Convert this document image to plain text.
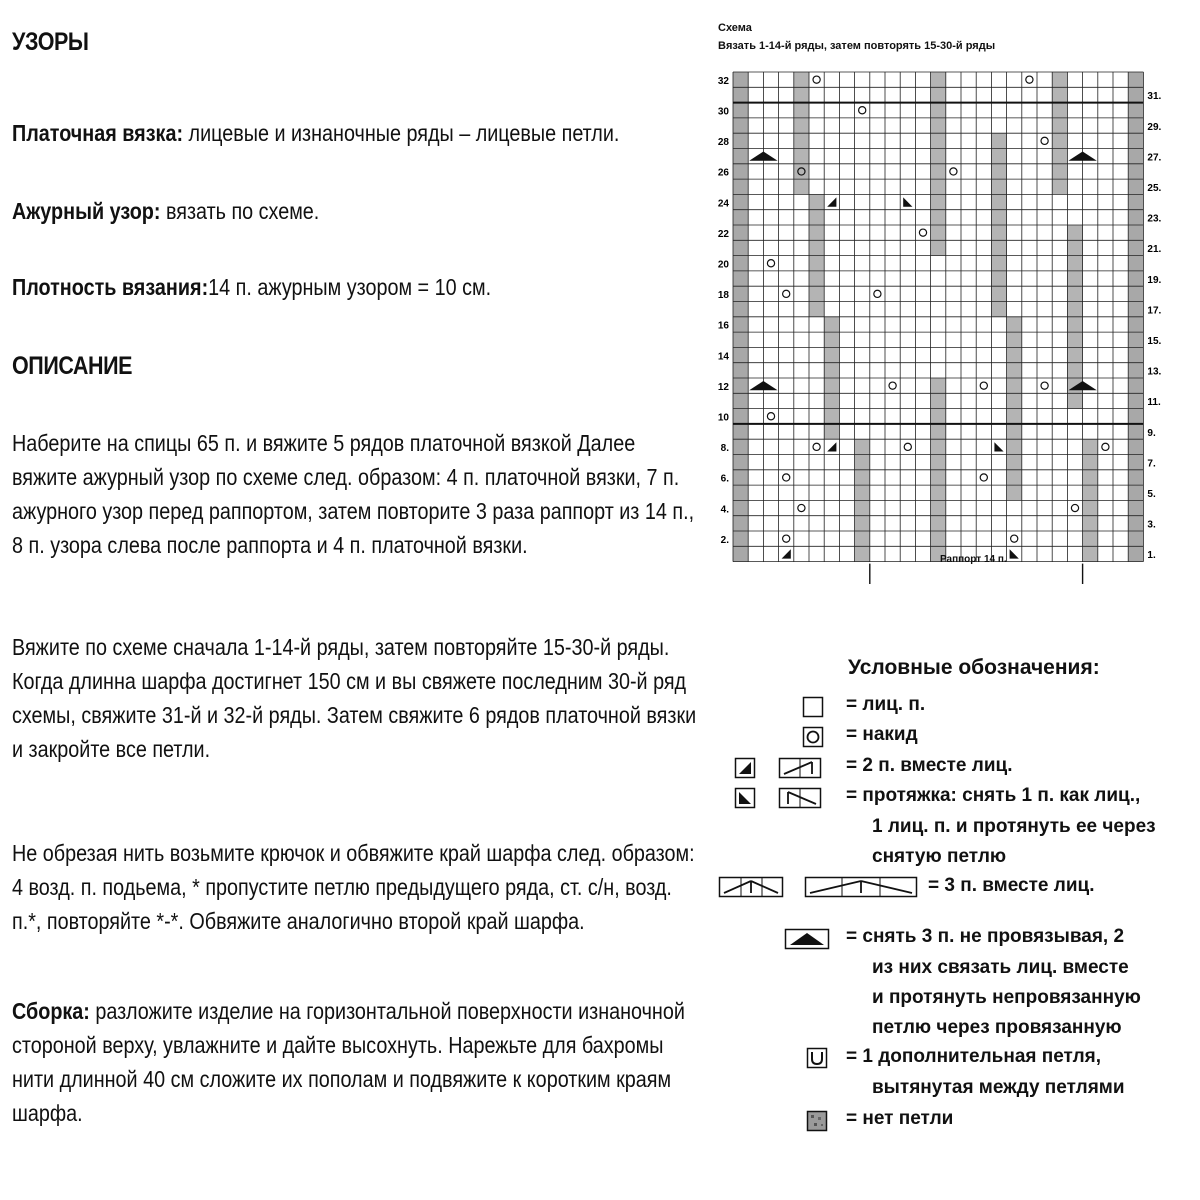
УЗОРЫ
Платочная вязка: лицевые и изнаночные ряды – лицевые петли.
Ажурный узор: вязать по схеме.
Плотность вязания:14 п. ажурным узором = 10 см.
ОПИСАНИЕ
Наберите на спицы 65 п. и вяжите 5 рядов платочной вязкой Далее вяжите ажурный узор по схеме след. образом: 4 п. платочной вязки, 7 п. ажурного узор перед раппортом, затем повторите 3 раза раппорт из 14 п., 8 п. узора слева после раппорта и 4 п. платочной вязки.
Вяжите по схеме сначала 1-14-й ряды, затем повторяйте 15-30-й ряды. Когда длинна шарфа достигнет 150 см и вы свяжете последним 30-й ряд схемы, свяжите 31-й и 32-й ряды. Затем свяжите 6 рядов платочной вязки и закройте все петли.
Не обрезая нить возьмите крючок и обвяжите край шарфа след. образом: 4 возд. п. подьема, * пропустите петлю предыдущего ряда, ст. с/н, возд. п.*, повторяйте *-*. Обвяжите аналогично второй край шарфа.
Сборка: разложите изделие на горизонтальной поверхности изнаночной стороной верху, увлажните и дайте высохнуть. Нарежьте для бахромы нити длинной 40 см сложите их пополам и подвяжите к коротким краям шарфа.
Схема
Вязать 1-14-й ряды, затем повторять 15-30-й ряды
2.
4.
6.
8.
10
12
14
16
18
20
22
24
26
28
30
32
1.
3.
5.
7.
9.
11.
13.
15.
17.
19.
21.
23.
25.
27.
29.
31.
Раппорт 14 п.
Условные обозначения:
= лиц. п.
= накид
= 2 п. вместе лиц.
= протяжка: снять 1 п. как лиц.,
1 лиц. п. и протянуть ее через
снятую петлю
= 3 п. вместе лиц.
= снять 3 п. не провязывая, 2
из них связать лиц. вместе
и протянуть непровязанную
петлю через провязанную
= 1 дополнительная петля,
вытянутая между петлями
= нет петли
